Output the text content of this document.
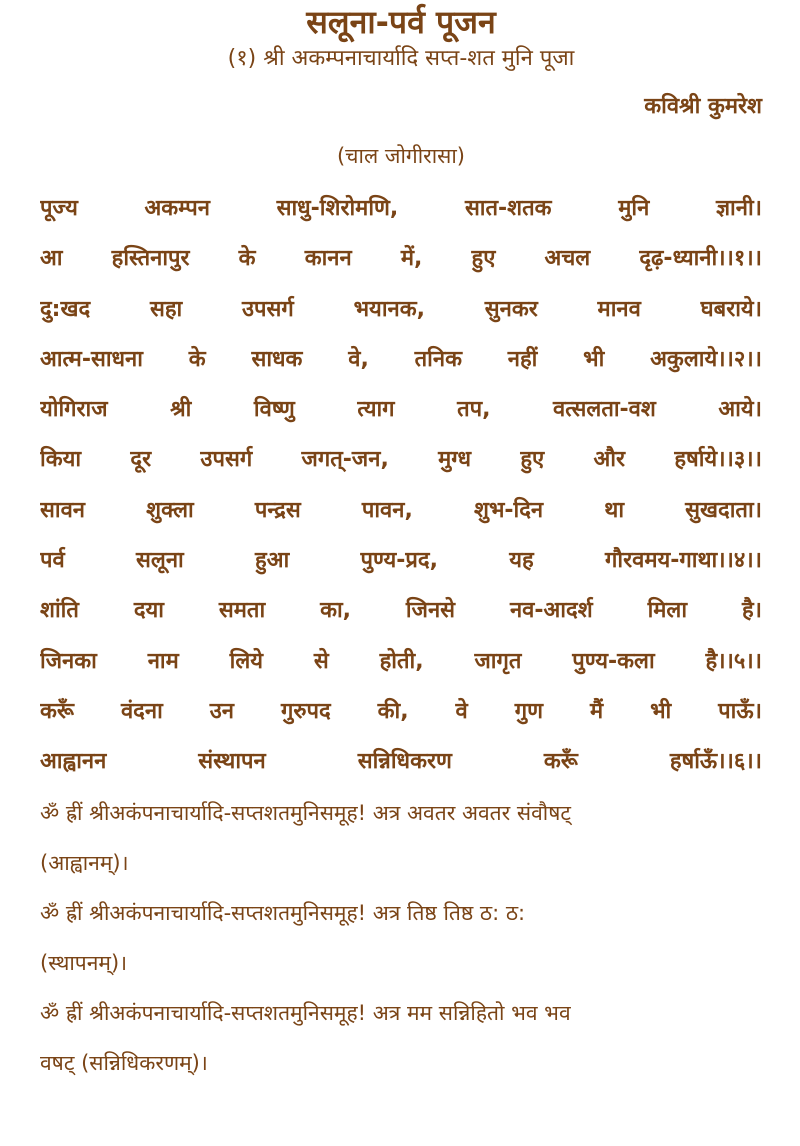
सलूना-पर्व पूजन
(१) श्री अकम्पनाचार्यादि सप्त-शत मुनि पूजा
कविश्री कुमरेश
(चाल जोगीरासा)
पूज्य अकम्पन साधु-शिरोमणि, सात-शतक मुनि ज्ञानी।
आ हस्तिनापुर के कानन में, हुए अचल दृढ़-ध्यानी।।१।।
दु:खद सहा उपसर्ग भयानक, सुनकर मानव घबराये।
आत्म-साधना के साधक वे, तनिक नहीं भी अकुलाये।।२।।
योगिराज श्री विष्णु त्याग तप, वत्सलता-वश आये।
किया दूर उपसर्ग जगत्-जन, मुग्ध हुए और हर्षाये।।३।।
सावन शुक्ला पन्द्रस पावन, शुभ-दिन था सुखदाता।
पर्व सलूना हुआ पुण्य-प्रद, यह गौरवमय-गाथा।।४।।
शांति दया समता का, जिनसे नव-आदर्श मिला है।
जिनका नाम लिये से होती, जागृत पुण्य-कला है।।५।।
करूँ वंदना उन गुरुपद की, वे गुण मैं भी पाऊँ।
आह्वानन संस्थापन सन्निधिकरण करूँ हर्षाऊँ।।६।।
ॐ ह्रीं श्रीअकंपनाचार्यादि-सप्तशतमुनिसमूह! अत्र अवतर अवतर संवौषट्
(आह्वानम्)।
ॐ ह्रीं श्रीअकंपनाचार्यादि-सप्तशतमुनिसमूह! अत्र तिष्ठ तिष्ठ ठ: ठ:
(स्थापनम्)।
ॐ ह्रीं श्रीअकंपनाचार्यादि-सप्तशतमुनिसमूह! अत्र मम सन्निहितो भव भव
वषट् (सन्निधिकरणम्)।
